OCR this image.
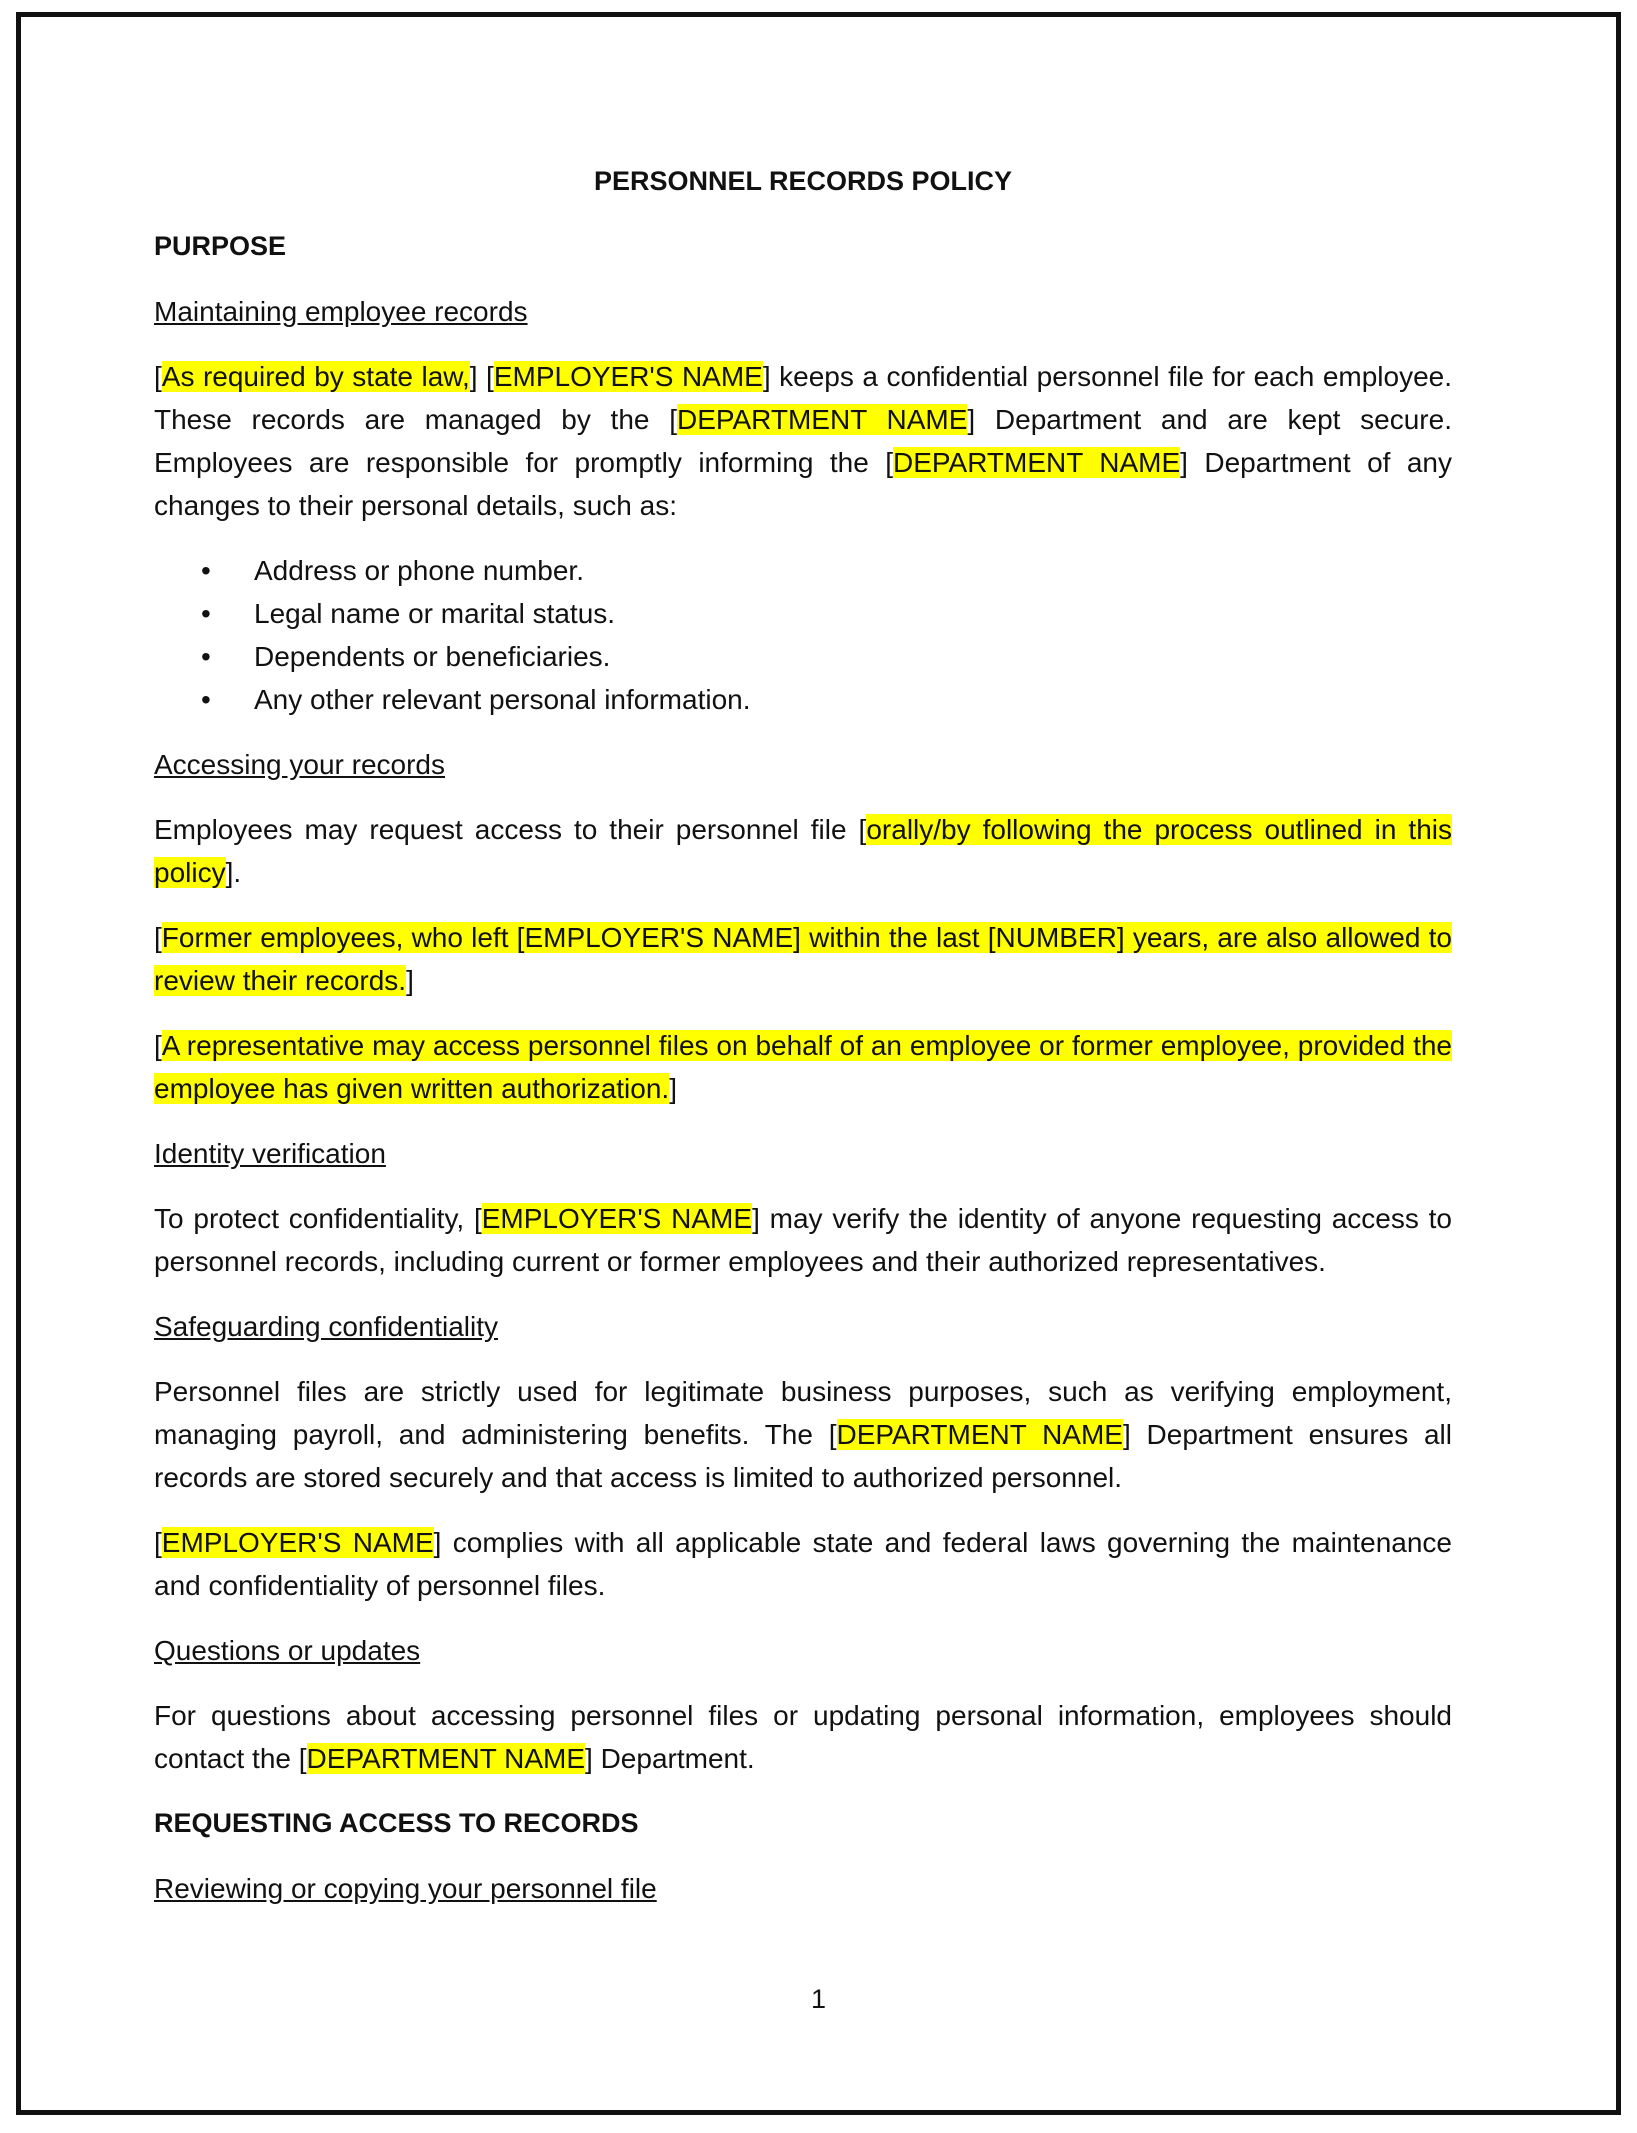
PERSONNEL RECORDS POLICY
PURPOSE
Maintaining employee records

[As required by state law,] [EMPLOYER'S NAME] keeps a confidential personnel file for each employee. These records are managed by the [DEPARTMENT NAME] Department and are kept secure. Employees are responsible for promptly informing the [DEPARTMENT NAME] Department of any changes to their personal details, such as:

• Address or phone number.
• Legal name or marital status.
• Dependents or beneficiaries.
• Any other relevant personal information.
Accessing your records

Employees may request access to their personnel file [orally/by following the process outlined in this policy].

[Former employees, who left [EMPLOYER'S NAME] within the last [NUMBER] years, are also allowed to review their records.]

[A representative may access personnel files on behalf of an employee or former employee, provided the employee has given written authorization.]

Identity verification

To protect confidentiality, [EMPLOYER'S NAME] may verify the identity of anyone requesting access to personnel records, including current or former employees and their authorized representatives.

Safeguarding confidentiality

Personnel files are strictly used for legitimate business purposes, such as verifying employment, managing payroll, and administering benefits. The [DEPARTMENT NAME] Department ensures all records are stored securely and that access is limited to authorized personnel.

[EMPLOYER'S NAME] complies with all applicable state and federal laws governing the maintenance and confidentiality of personnel files.

Questions or updates

For questions about accessing personnel files or updating personal information, employees should contact the [DEPARTMENT NAME] Department.

REQUESTING ACCESS TO RECORDS
Reviewing or copying your personnel file
1
